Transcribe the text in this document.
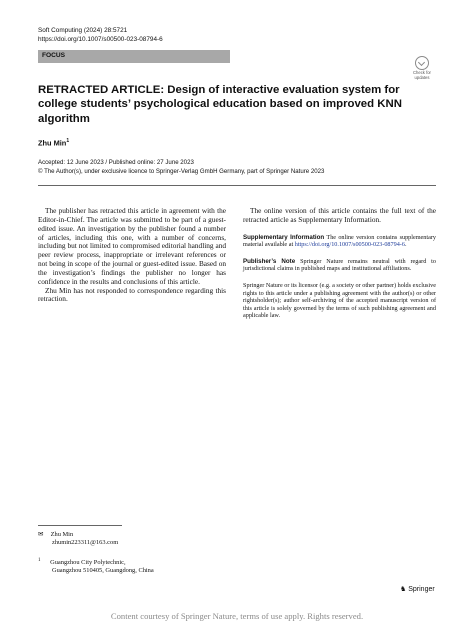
Soft Computing (2024) 28:5721
https://doi.org/10.1007/s00500-023-08794-6
FOCUS
Check for
updates
RETRACTED ARTICLE: Design of interactive evaluation system for college students’ psychological education based on improved KNN algorithm
Zhu Min$^1$
Accepted: 12 June 2023 / Published online: 27 June 2023
© The Author(s), under exclusive licence to Springer-Verlag GmbH Germany, part of Springer Nature 2023

The publisher has retracted this article in agreement with the Editor-in-Chief. The article was submitted to be part of a guest-edited issue. An investigation by the publisher found a number of articles, including this one, with a number of concerns, including but not limited to compromised editorial handling and peer review process, inappropriate or irrelevant references or not being in scope of the journal or guest-edited issue. Based on the investigation’s findings the publisher no longer has confidence in the results and conclusions of this article.

Zhu Min has not responded to correspondence regarding this retraction.

The online version of this article contains the full text of the retracted article as Supplementary Information.

Supplementary Information The online version contains supplementary material available at https://doi.org/10.1007/s00500-023-08794-6.
Publisher’s Note Springer Nature remains neutral with regard to jurisdictional claims in published maps and institutional affiliations.
Springer Nature or its licensor (e.g. a society or other partner) holds exclusive rights to this article under a publishing agreement with the author(s) or other rightsholder(s); author self-archiving of the accepted manuscript version of this article is solely governed by the terms of such publishing agreement and applicable law.
✉ Zhu Min
zhumin223311@163.com
$^1$ Guangzhou City Polytechnic,
Guangzhou 510405, Guangdong, China
♞ Springer
Content courtesy of Springer Nature, terms of use apply. Rights reserved.
